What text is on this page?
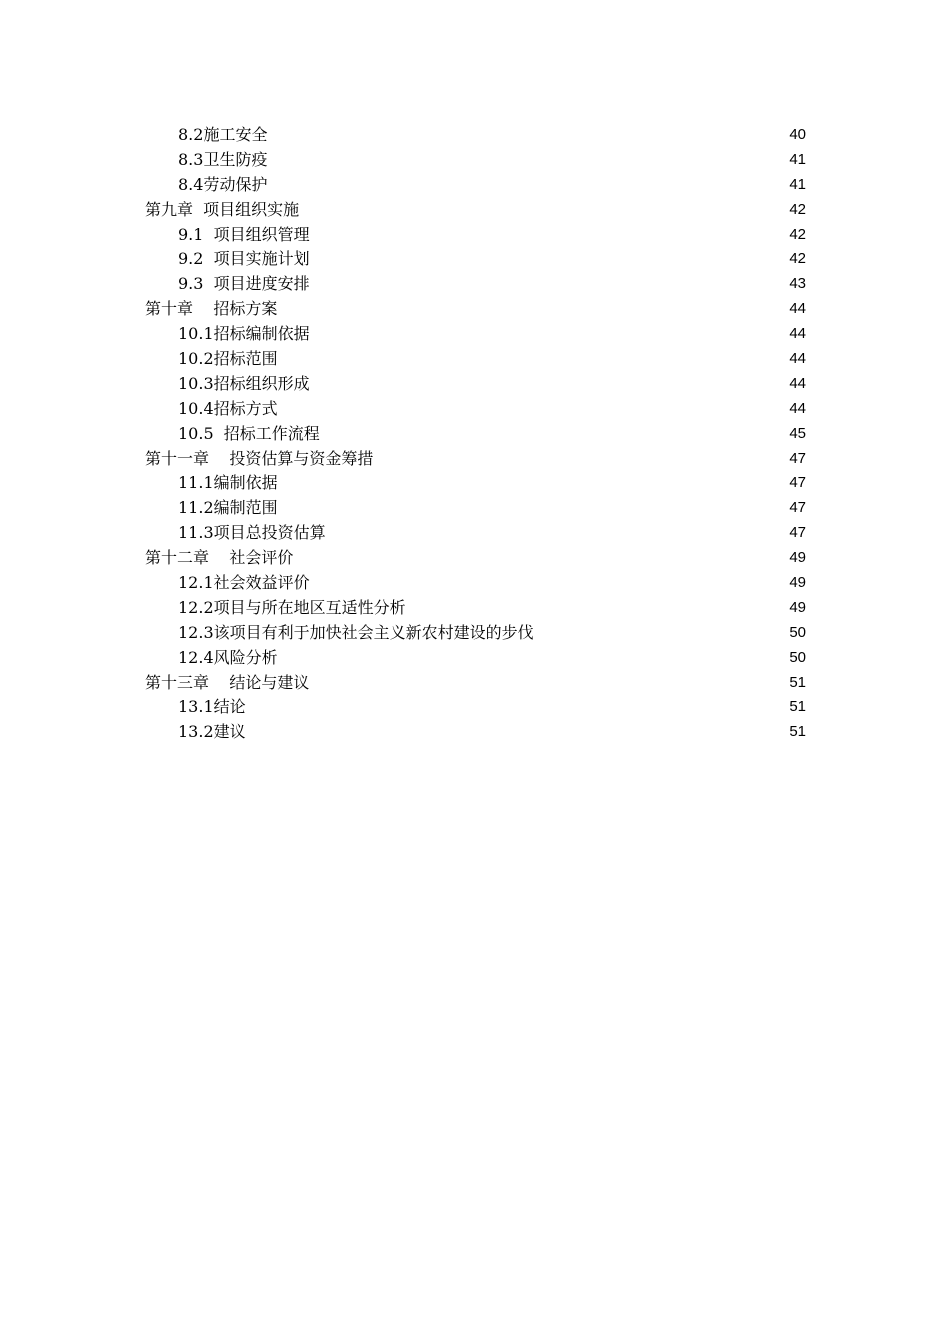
8.2施工安全	40
8.3卫生防疫	41
8.4劳动保护	41
第九章  项目组织实施	42
9.1  项目组织管理	42
9.2  项目实施计划	42
9.3  项目进度安排	43
第十章    招标方案	44
10.1招标编制依据	44
10.2招标范围	44
10.3招标组织形成	44
10.4招标方式	44
10.5  招标工作流程	45
第十一章    投资估算与资金筹措	47
11.1编制依据	47
11.2编制范围	47
11.3项目总投资估算	47
第十二章    社会评价	49
12.1社会效益评价	49
12.2项目与所在地区互适性分析	49
12.3该项目有利于加快社会主义新农村建设的步伐	50
12.4风险分析	50
第十三章    结论与建议	51
13.1结论	51
13.2建议	51
